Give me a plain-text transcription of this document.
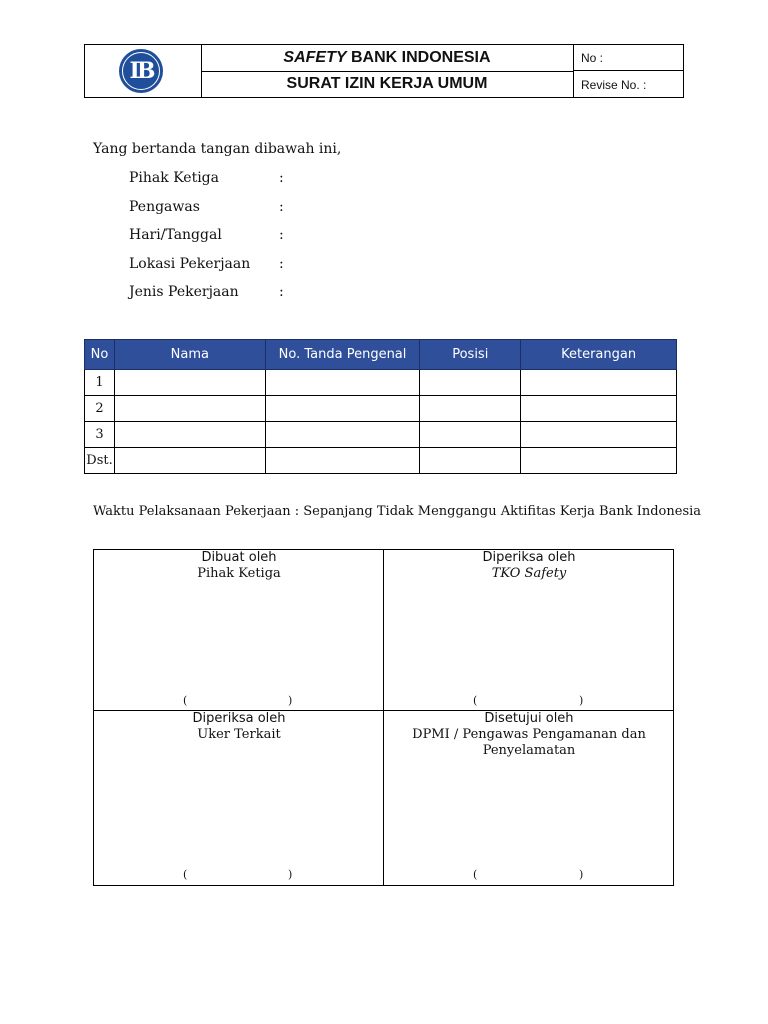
IB
SAFETY BANK INDONESIA
SURAT IZIN KERJA UMUM
No :
Revise No. :
Yang bertanda tangan dibawah ini,
Pihak Ketiga	:
Pengawas	:
Hari/Tanggal	:
Lokasi Pekerjaan :
Jenis Pekerjaan	:
No	Nama	No. Tanda Pengenal	Posisi	Keterangan
1				
2				
3				
Dst.				
Waktu Pelaksanaan Pekerjaan : Sepanjang Tidak Menggangu Aktifitas Kerja Bank Indonesia
Dibuat oleh
Pihak Ketiga
(	)
Diperiksa oleh
TKO Safety
(	)
Diperiksa oleh
Uker Terkait
(	)
Disetujui oleh
DPMI / Pengawas Pengamanan dan
Penyelamatan
(	)
